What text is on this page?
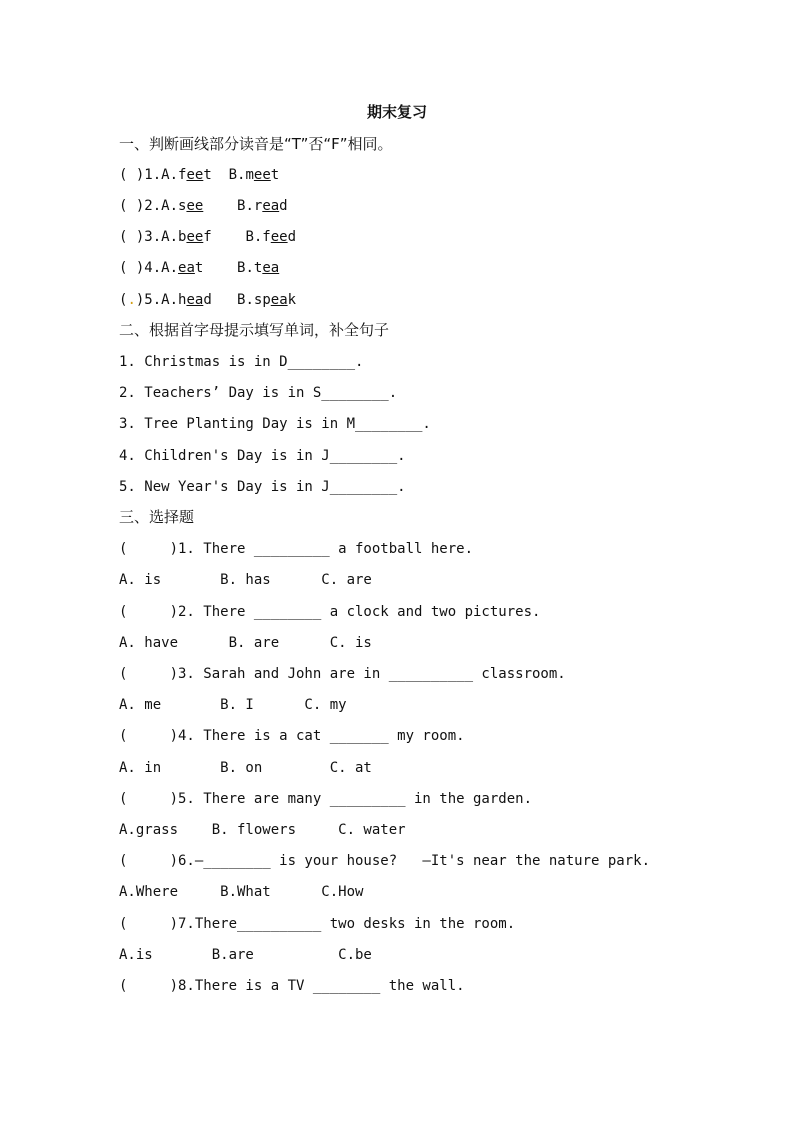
期末复习
一、判断画线部分读音是“T”否“F”相同。
( )1.A.feet  B.meet
( )2.A.see    B.read
( )3.A.beef    B.feed
( )4.A.eat    B.tea
(.)5.A.head   B.speak
二、根据首字母提示填写单词，补全句子
1. Christmas is in D________.
2. Teachers’ Day is in S________.
3. Tree Planting Day is in M________.
4. Children's Day is in J________.
5. New Year's Day is in J________.
三、选择题
(     )1. There _________ a football here.
A. is       B. has      C. are
(     )2. There ________ a clock and two pictures.
A. have      B. are      C. is
(     )3. Sarah and John are in __________ classroom.
A. me       B. I      C. my
(     )4. There is a cat _______ my room.
A. in       B. on        C. at
(     )5. There are many _________ in the garden.
A.grass    B. flowers     C. water
(     )6.—________ is your house?   —It's near the nature park.
A.Where     B.What      C.How
(     )7.There__________ two desks in the room.
A.is       B.are          C.be
(     )8.There is a TV ________ the wall.
